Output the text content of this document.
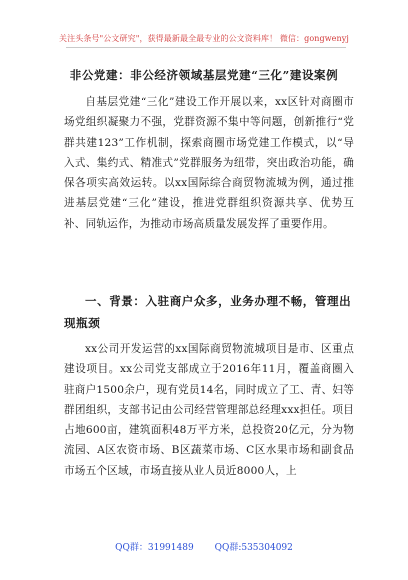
关注头条号"公文研究"，获得最新最全最专业的公文资料库！ 微信：gongwenyj
非公党建：非公经济领域基层党建“三化”建设案例
自基层党建“三化”建设工作开展以来，xx区针对商圈市场党组织凝聚力不强，党群资源不集中等问题，创新推行“党群共建123”工作机制，探索商圈市场党建工作模式，以“导入式、集约式、精准式”党群服务为纽带，突出政治功能，确保各项实高效运转。以xx国际综合商贸物流城为例，通过推进基层党建“三化”建设，推进党群组织资源共享、优势互补、同轨运作，为推动市场高质量发展发挥了重要作用。
一、背景：入驻商户众多，业务办理不畅，管理出现瓶颈
xx公司开发运营的xx国际商贸物流城项目是市、区重点建设项目。xx公司党支部成立于2016年11月，覆盖商圈入驻商户1500余户，现有党员14名，同时成立了工、青、妇等群团组织，支部书记由公司经营管理部总经理xxx担任。项目占地600亩，建筑面积48万平方米，总投资20亿元，分为物流园、A区农资市场、B区蔬菜市场、C区水果市场和副食品市场五个区域，市场直接从业人员近8000人，上
QQ群：31991489 QQ群:535304092
